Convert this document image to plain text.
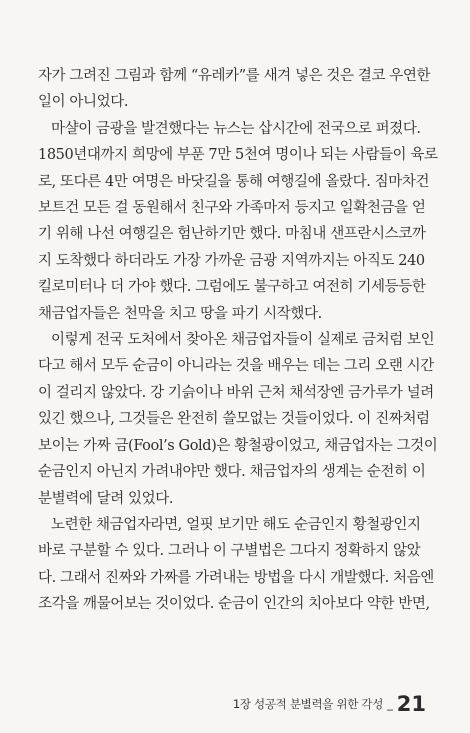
자가 그려진 그림과 함께 “유레카”를 새겨 넣은 것은 결코 우연한
일이 아니었다.

마샬이 금광을 발견했다는 뉴스는 삽시간에 전국으로 퍼졌다.
1850년대까지 희망에 부푼 7만 5천여 명이나 되는 사람들이 육로
로, 또다른 4만 여명은 바닷길을 통해 여행길에 올랐다. 짐마차건
보트건 모든 걸 동원해서 친구와 가족마저 등지고 일확천금을 얻
기 위해 나선 여행길은 험난하기만 했다. 마침내 샌프란시스코까
지 도착했다 하더라도 가장 가까운 금광 지역까지는 아직도 240
킬로미터나 더 가야 했다. 그럼에도 불구하고 여전히 기세등등한
채금업자들은 천막을 치고 땅을 파기 시작했다.

이렇게 전국 도처에서 찾아온 채금업자들이 실제로 금처럼 보인
다고 해서 모두 순금이 아니라는 것을 배우는 데는 그리 오랜 시간
이 걸리지 않았다. 강 기슭이나 바위 근처 채석장엔 금가루가 널려
있긴 했으나, 그것들은 완전히 쓸모없는 것들이었다. 이 진짜처럼
보이는 가짜 금(Fool’s Gold)은 황철광이었고, 채금업자는 그것이
순금인지 아닌지 가려내야만 했다. 채금업자의 생계는 순전히 이
분별력에 달려 있었다.

노련한 채금업자라면, 얼핏 보기만 해도 순금인지 황철광인지
바로 구분할 수 있다. 그러나 이 구별법은 그다지 정확하지 않았
다. 그래서 진짜와 가짜를 가려내는 방법을 다시 개발했다. 처음엔
조각을 깨물어보는 것이었다. 순금이 인간의 치아보다 약한 반면,

1장 성공적 분별력을 위한 각성 _ 21
